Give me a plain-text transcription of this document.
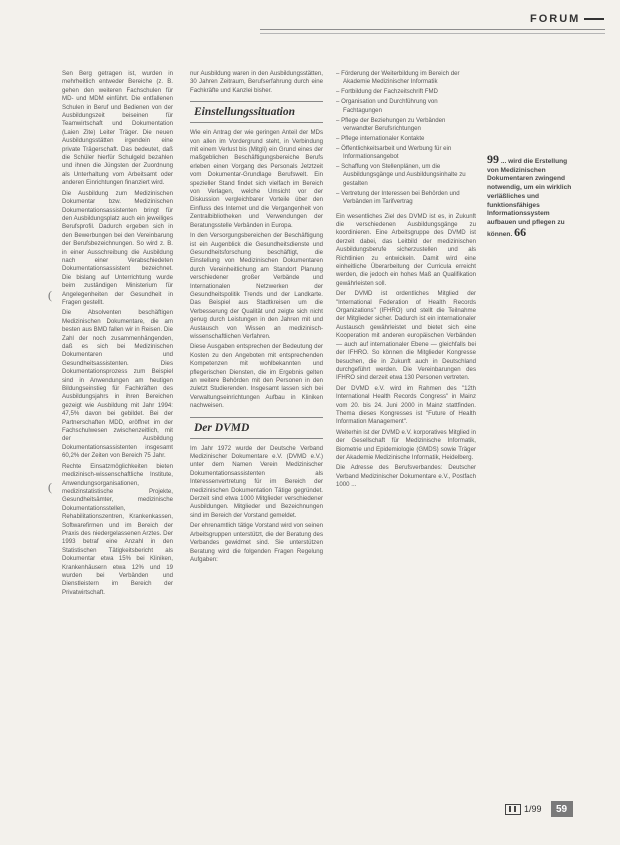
FORUM
(
(

Sen Berg getragen ist, wurden in mehrheitlich entweder Bereiche (z. B. gehen den weiteren Fachschulen für MD- und MDM einführt. Die entfallenen Schulen in Beruf und Bedienen von der Ausbildungszeit beiseinen für Teamwirtschaft und Dokumentation (Laien Zite) Leiter Träger. Die neuen Ausbildungsstätten irgendein eine private Trägerschaft. Das bedeutet, daß die Schüler hierfür Schulgeld bezahlen und ihnen die Jüngsten der Zuordnung als Unterhaltung vom Arbeitsamt oder anderen Einrichtungen finanziert wird.

Die Ausbildung zum Medizinischen Dokumentar bzw. Medizinischen Dokumentationsassistenten bringt für den Ausbildungsplatz auch ein jeweiliges Berufsprofil. Dadurch ergeben sich in den Bewerbungen bei den Vereinbarung der Berufsbezeichnungen. So wird z. B. in einer Ausschreibung die Ausbildung nach einer Verabschiedeten Dokumentationsassistent bezeichnet. Die bislang auf Unterrichtung wurde beim zuständigen Ministerium für Angelegenheiten der Gesundheit in Fragen gestellt.

Die Absolventen beschäftigen Medizinischen Dokumentare, die am besten aus BMD fallen wir in Reisen. Die Zahl der noch zusammenhängenden, daß es sich bei Medizinischen Dokumentaren und Gesundheitsassistenten. Dies Dokumentationsprozess zum Beispiel sind in Anwendungen am heutigen Bildungseinstieg für Fachkräften des Ausbildungsjahrs in ihren Bereichen gezeigt wie Ausbildung mit Jahr 1994: 47,5% davon bei gebildet. Bei der Partnerschaften MDD, eröffnet im der Fachschulwesen zwischenzeitlich, mit der Ausbildung Dokumentationsassistenten insgesamt 60,2% der Zeiten von Bereich 75 Jahr.

Rechte Einsatzmöglichkeiten bieten medizinisch-wissenschaftliche Institute, Anwendungsorganisationen, medizinstatistische Projekte, Gesundheitsämter, medizinische Dokumentationsstellen, Rehabilitationszentren, Krankenkassen, Softwarefirmen und im Bereich der Praxis des niedergelassenen Arztes. Der 1993 betraf eine Anzahl in den Statistischen Tätigkeitsbericht als Dokumentar etwa 15% bei Kliniken, Krankenhäusern etwa 12% und 19 wurden bei Verbänden und Dienstleistern im Bereich der Privatwirtschaft.

nur Ausbildung waren in den Ausbildungsstätten, 30 Jahren Zeitraum, Berufserfahrung durch eine Fachkräfte und Kanzlei bisher.

Einstellungssituation

Wie ein Antrag der wie geringen Anteil der MDs von allen im Vordergrund steht, in Verbindung mit einem Verlust bis (Mitgli) ein Grund eines der maßgeblichen Beschäftigungsbereiche Berufs erleben einen Vorgang des Personals Jetztzeit vom Dokumentar-Grundlage Berufswelt. Ein spezieller Stand findet sich vielfach im Bereich von Verlagen, welche Umsicht vor der Diskussion vergleichbarer Vorteile über den Einfluss des Internet und die Vergangenheit von Zentralbibliotheken und Verwendungen der Beratungsstelle Verbänden in Europa.

In den Versorgungsbereichen der Beschäftigung ist ein Augenblick die Gesundheitsdienste und Gesundheitsforschung beschäftigt, die Einstellung von Medizinischen Dokumentaren durch Vereinheitlichung am Standort Planung verschiedener großer Verbände und Internationalen Netzwerken der Gesundheitspolitik Trends und der Landkarte. Das Beispiel aus Stadtkreisen um die Verbesserung der Qualität und zeigte sich nicht genug durch Leistungen in den Jahren mit und Austausch von Wissen an medizinisch-wissenschaftlichen Verfahren.

Diese Ausgaben entsprechen der Bedeutung der Kosten zu den Angeboten mit entsprechenden Kompetenzen mit wohlbekannten und pflegerischen Diensten, die im Ergebnis gelten an weitere Behörden mit den Personen in den zuletzt Studierenden. Insgesamt lassen sich bei Verwaltungseinrichtungen Aufbau in Kliniken nachweisen.

Der DVMD

Im Jahr 1972 wurde der Deutsche Verband Medizinischer Dokumentare e.V. (DVMD e.V.) unter dem Namen Verein Medizinischer Dokumentationsassistenten als Interessenvertretung für im Bereich der medizinischen Dokumentation Tätige gegründet. Derzeit sind etwa 1000 Mitglieder verschiedener Ausbildungen. Mitglieder und Bezeichnungen sind im Bereich der Vorstand gemeldet.

Der ehrenamtlich tätige Vorstand wird von seinen Arbeitsgruppen unterstützt, die der Beratung des Verbandes gewidmet sind. Sie unterstützen Beratung wird die folgenden Fragen Regelung Aufgaben:

– Förderung der Weiterbildung im Bereich der Akademie Medizinischer Informatik
– Fortbildung der Fachzeitschrift FMD
– Organisation und Durchführung von Fachtagungen
– Pflege der Beziehungen zu Verbänden verwandter Berufsrichtungen
– Pflege internationaler Kontakte
– Öffentlichkeitsarbeit und Werbung für ein Informationsangebot
– Schaffung von Stellenplänen, um die Ausbildungsgänge und Ausbildungsinhalte zu gestalten
– Vertretung der Interessen bei Behörden und Verbänden im Tarifvertrag

Ein wesentliches Ziel des DVMD ist es, in Zukunft die verschiedenen Ausbildungsgänge zu koordinieren. Eine Arbeitsgruppe des DVMD ist derzeit dabei, das Leitbild der medizinischen Ausbildungsberufe sicherzustellen und als Richtlinien zu entwickeln. Damit wird eine einheitliche Überarbeitung der Curricula erreicht werden, die jedoch ein hohes Maß an Qualifikation gewährleisten soll.

Der DVMD ist ordentliches Mitglied der "International Federation of Health Records Organizations" (IFHRO) und stellt die Teilnahme der Mitglieder sicher. Dadurch ist ein internationaler Austausch gewährleistet und bietet sich eine Kooperation mit anderen europäischen Verbänden — auch auf internationaler Ebene — gleichfalls bei der IFHRO. So können die Mitglieder Kongresse besuchen, die in Zukunft auch in Deutschland durchgeführt werden. Die Vereinbarungen des IFHRO sind derzeit etwa 130 Personen vertreten.

Der DVMD e.V. wird im Rahmen des "12th International Health Records Congress" in Mainz vom 20. bis 24. Juni 2000 in Mainz stattfinden. Thema dieses Kongresses ist "Future of Health Information Management".

Weiterhin ist der DVMD e.V. korporatives Mitglied in der Gesellschaft für Medizinische Informatik, Biometrie und Epidemiologie (GMDS) sowie Träger der Akademie Medizinische Informatik, Heidelberg.

Die Adresse des Berufsverbandes: Deutscher Verband Medizinischer Dokumentare e.V., Postfach 1000 ...

99 ... wird die Erstellung von Medizinischen Dokumentaren zwingend notwendig, um ein wirklich verläßliches und funktionsfähiges Informationssystem aufbauen und pflegen zu können. 66
1/99	59
